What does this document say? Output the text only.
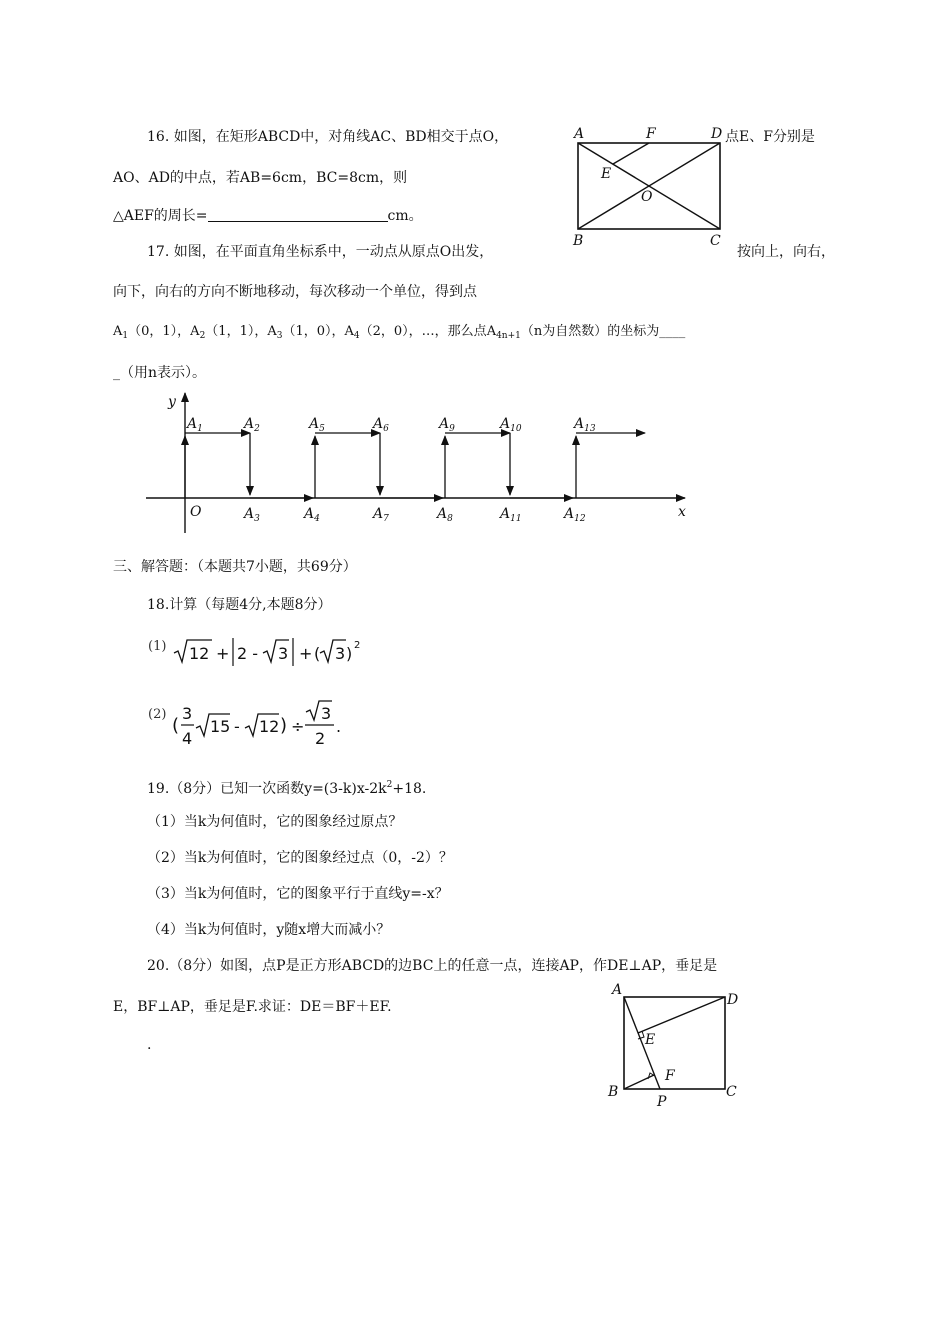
16. 如图，在矩形ABCD中，对角线AC、BD相交于点O，	点E、F分别是
AO、AD的中点，若AB=6cm，BC=8cm，则
△AEF的周长=	cm。
A	F	D
E
O
B	C
17. 如图，在平面直角坐标系中，一动点从原点O出发，	按向上，向右，
向下，向右的方向不断地移动，每次移动一个单位，得到点
$A_1(0$，1），$A_2(1$，1），$A_3(1$，0），$A_4(2$，0），…，那么点$A_{4n+1}(n$为自然数）的坐标为____
_（用n表示）。
y
x
O
$A_1$	$A_2$
$A_3$	$A_4$
$A_5$	$A_6$
$A_7$	$A_8$
$A_9$	$A_{10}$
$A_{11}$	$A_{12}$
$A_{13}$
三、解答题：（本题共7小题，共69分）
18.计算（每题4分,本题8分）
(1) 12 + 2 - 3 + ( 3 ) 2
(2)
(
3
4
15 - 12 ) ÷
3
2
.
19.（8分）已知一次函数$y=(3-k)x-2k^2+18$.
（1）当k为何值时，它的图象经过原点？
（2）当k为何值时，它的图象经过点（0，-2）？
（3）当k为何值时，它的图象平行于直线y=-x？
（4）当k为何值时，y随x增大而减小？
20.（8分）如图，点P是正方形ABCD的边BC上的任意一点，连接AP，作DE⊥AP，垂足是
E，BF⊥AP，垂足是F.求证：DE＝BF＋EF.
.
A
D
E
F
B
P
C
